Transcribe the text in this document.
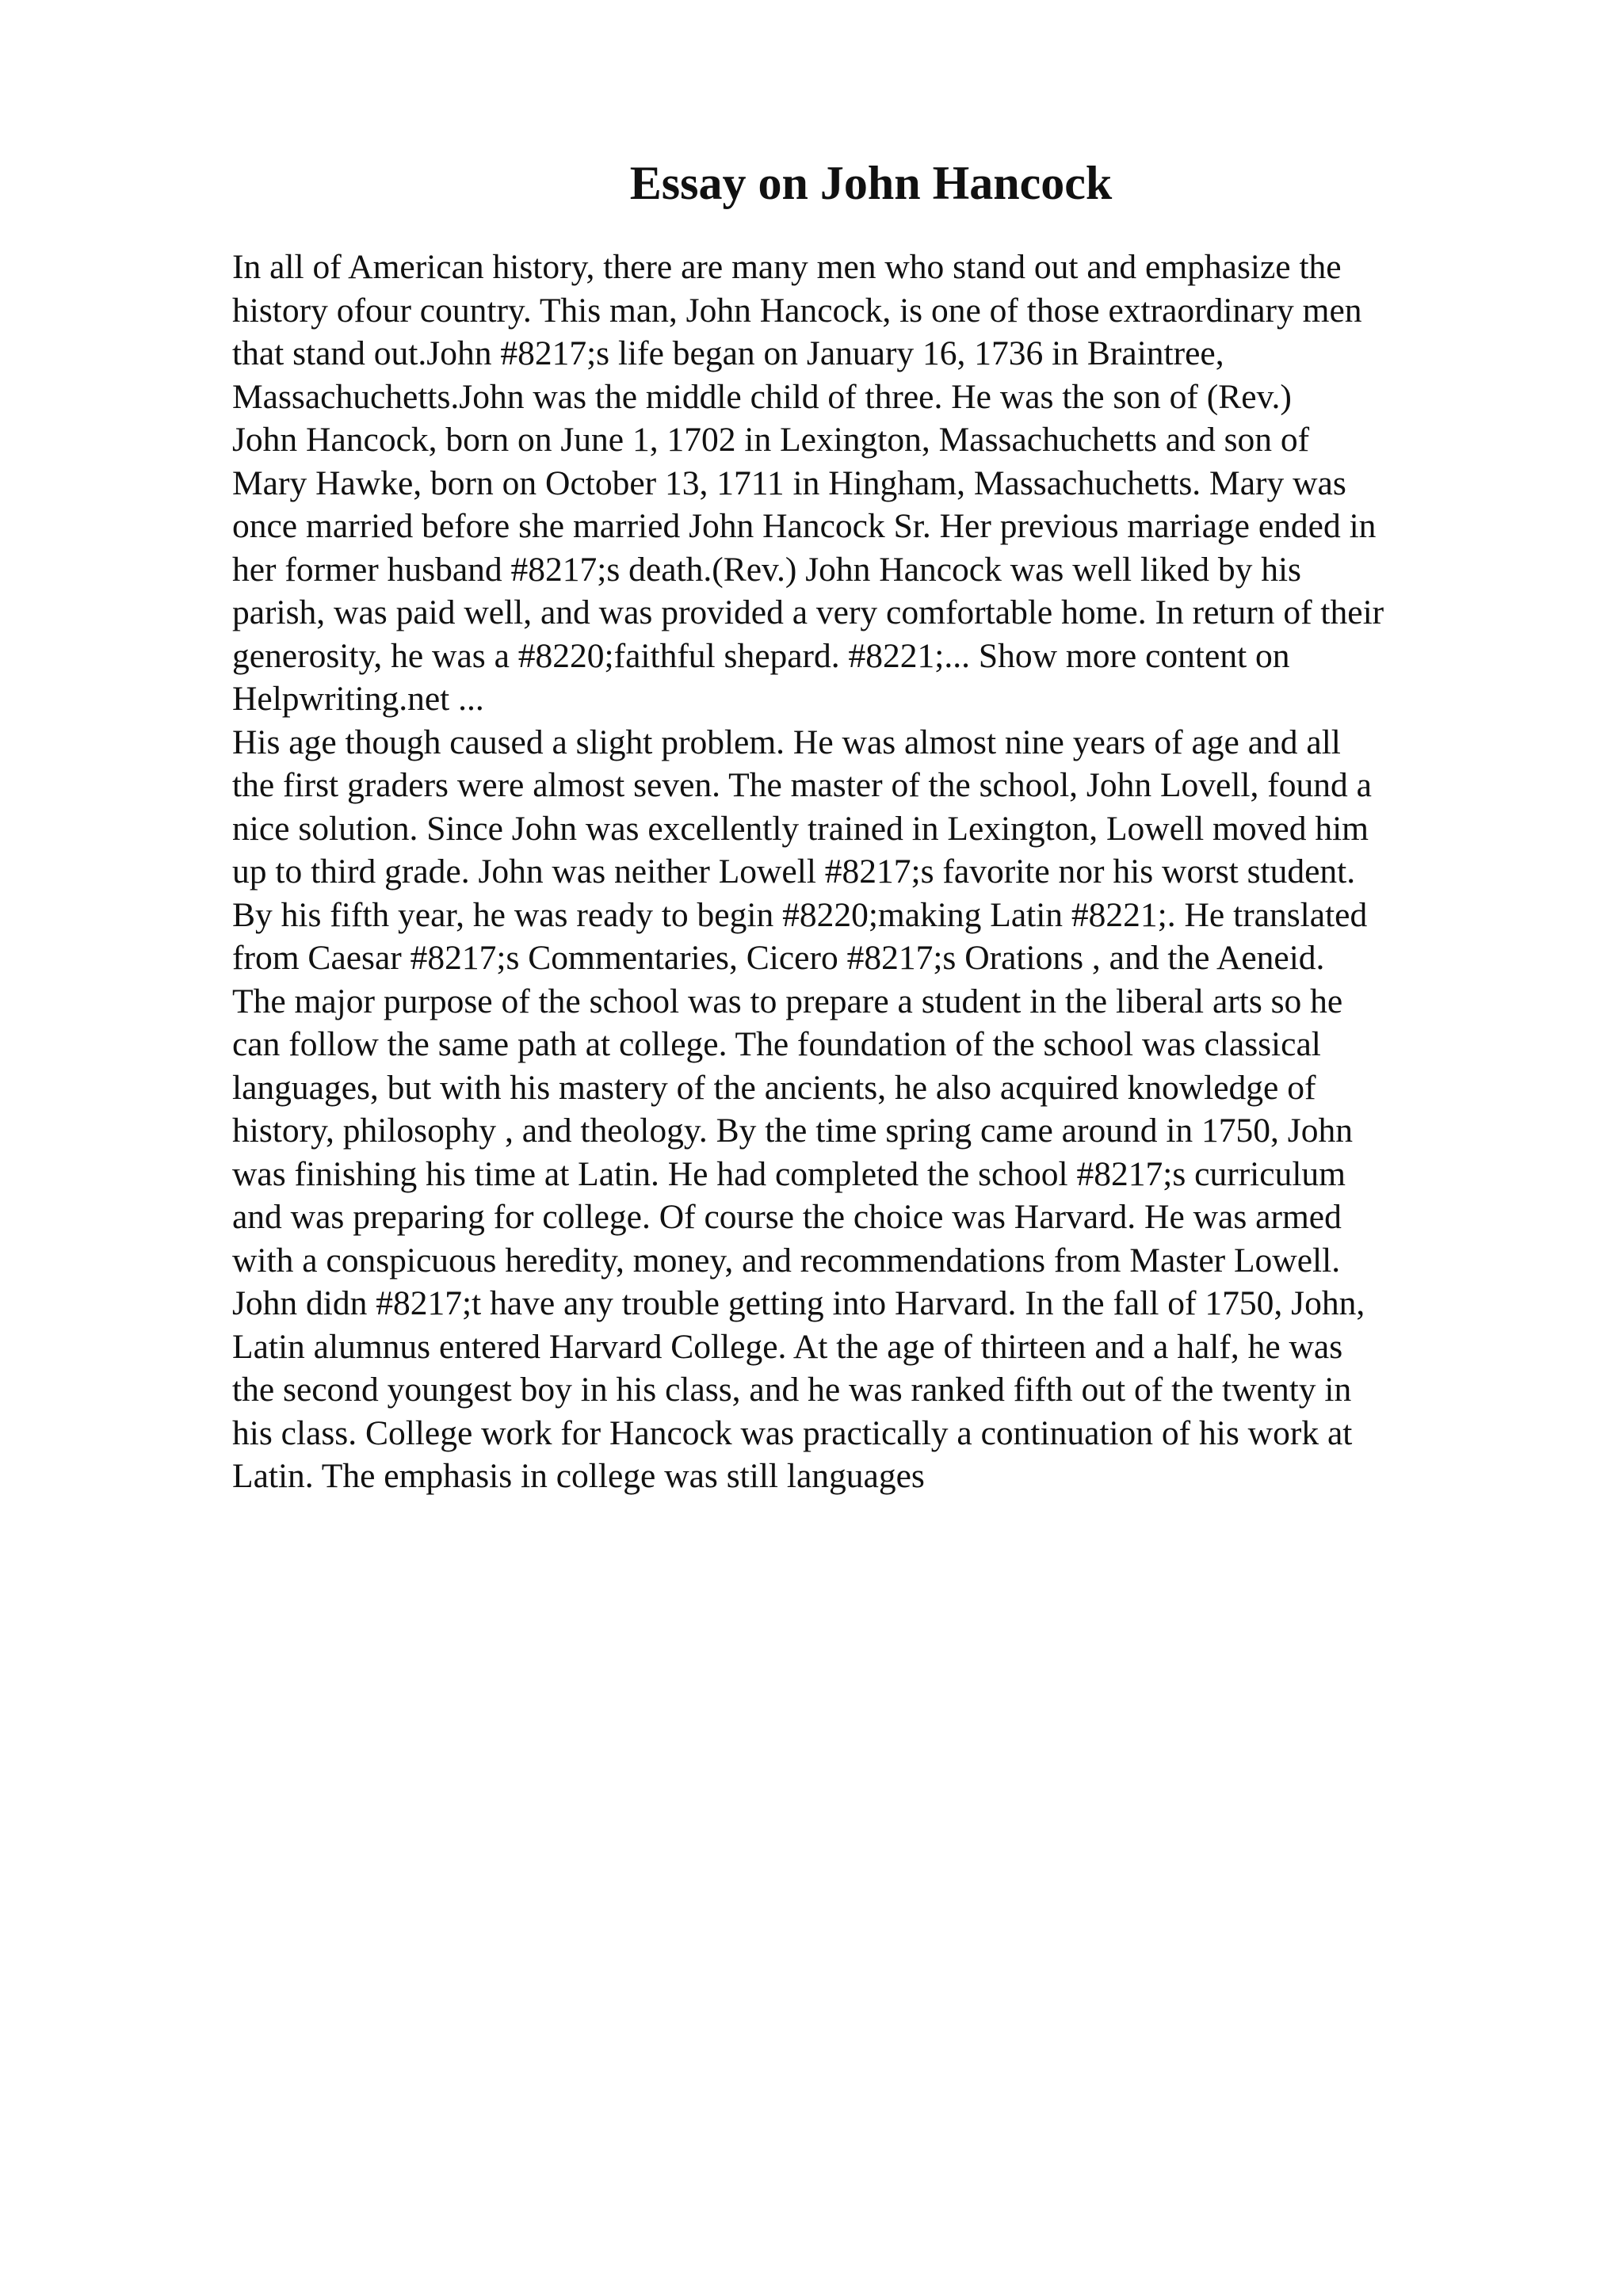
Essay on John Hancock
In all of American history, there are many men who stand out and emphasize the
history ofour country. This man, John Hancock, is one of those extraordinary men
that stand out.John #8217;s life began on January 16, 1736 in Braintree,
Massachuchetts.John was the middle child of three. He was the son of (Rev.)
John Hancock, born on June 1, 1702 in Lexington, Massachuchetts and son of
Mary Hawke, born on October 13, 1711 in Hingham, Massachuchetts. Mary was
once married before she married John Hancock Sr. Her previous marriage ended in
her former husband #8217;s death.(Rev.) John Hancock was well liked by his
parish, was paid well, and was provided a very comfortable home. In return of their
generosity, he was a #8220;faithful shepard. #8221;... Show more content on
Helpwriting.net ...
His age though caused a slight problem. He was almost nine years of age and all
the first graders were almost seven. The master of the school, John Lovell, found a
nice solution. Since John was excellently trained in Lexington, Lowell moved him
up to third grade. John was neither Lowell #8217;s favorite nor his worst student.
By his fifth year, he was ready to begin #8220;making Latin #8221;. He translated
from Caesar #8217;s Commentaries, Cicero #8217;s Orations , and the Aeneid.
The major purpose of the school was to prepare a student in the liberal arts so he
can follow the same path at college. The foundation of the school was classical
languages, but with his mastery of the ancients, he also acquired knowledge of
history, philosophy , and theology. By the time spring came around in 1750, John
was finishing his time at Latin. He had completed the school #8217;s curriculum
and was preparing for college. Of course the choice was Harvard. He was armed
with a conspicuous heredity, money, and recommendations from Master Lowell.
John didn #8217;t have any trouble getting into Harvard. In the fall of 1750, John,
Latin alumnus entered Harvard College. At the age of thirteen and a half, he was
the second youngest boy in his class, and he was ranked fifth out of the twenty in
his class. College work for Hancock was practically a continuation of his work at
Latin. The emphasis in college was still languages
